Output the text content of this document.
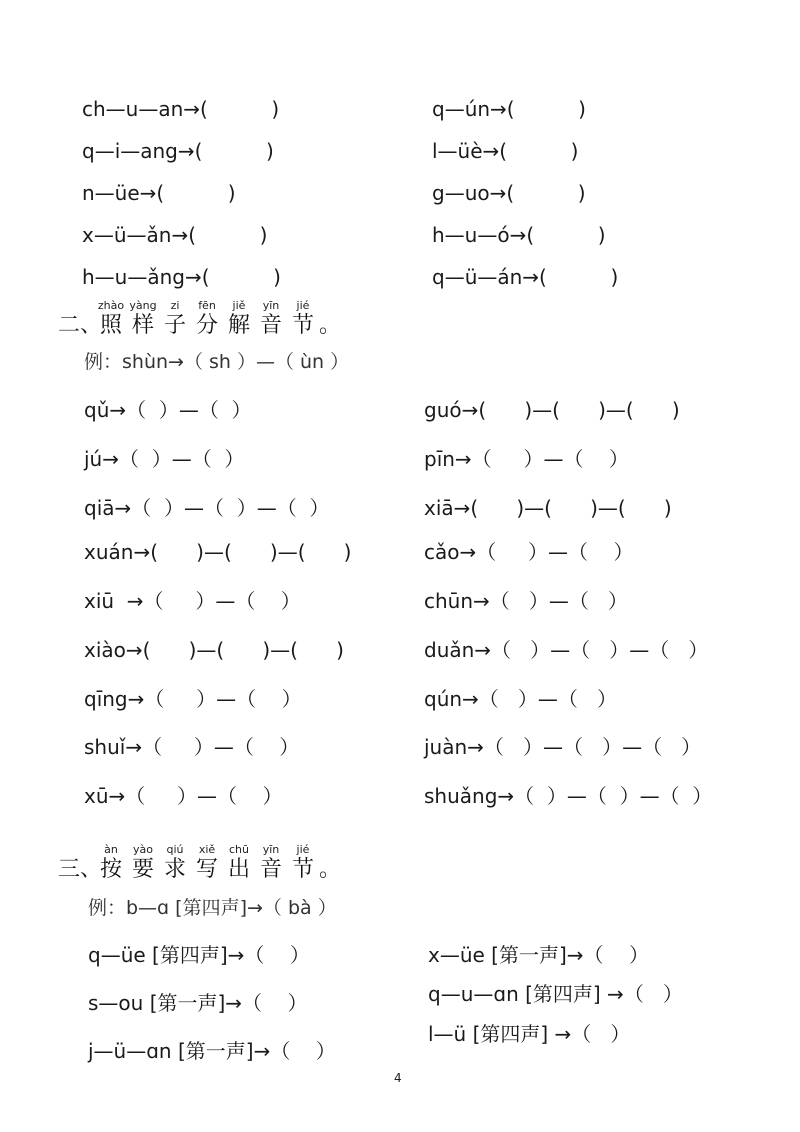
ch—u—an→(          )
q—i—ang→(          )
n—üe→(          )
x—ü—ǎn→(          )
h—u—ǎng→(          )
q—ún→(          )
l—üè→(          )
g—uo→(          )
h—u—ó→(          )
q—ü—án→(          )
二、
zhào
照
yàng
样
zi
子
fēn
分
jiě
解
yīn
音
jié
节 。
例：shùn→（ sh ）—（ ùn ）
qǔ→（  ）—（  ）
jú→（  ）—（  ）
qiā→（  ）—（  ）—（  ）
xuán→(      )—(      )—(      )
xiū  →（     ）—（    ）
xiào→(      )—(      )—(      )
qīng→（     ）—（    ）
shuǐ→（     ）—（    ）
xū→（     ）—（    ）
guó→(      )—(      )—(      )
pīn→（     ）—（    ）
xiā→(      )—(      )—(      )
cǎo→（     ）—（    ）
chūn→（   ）—（   ）
duǎn→（   ）—（   ）—（   ）
qún→（   ）—（   ）
juàn→（   ）—（   ）—（   ）
shuǎng→（  ）—（  ）—（  ）
三、
àn
按
yào
要
qiú
求
xiě
写
chū
出
yīn
音
jié
节 。
例：b—ɑ [第四声]→（ bà ）
q—üe [第四声]→（    ）
s—ou [第一声]→（    ）
j—ü—ɑn [第一声]→（    ）
x—üe [第一声]→（    ）
q—u—ɑn [第四声] →（   ）
l—ü [第四声] →（   ）
4
